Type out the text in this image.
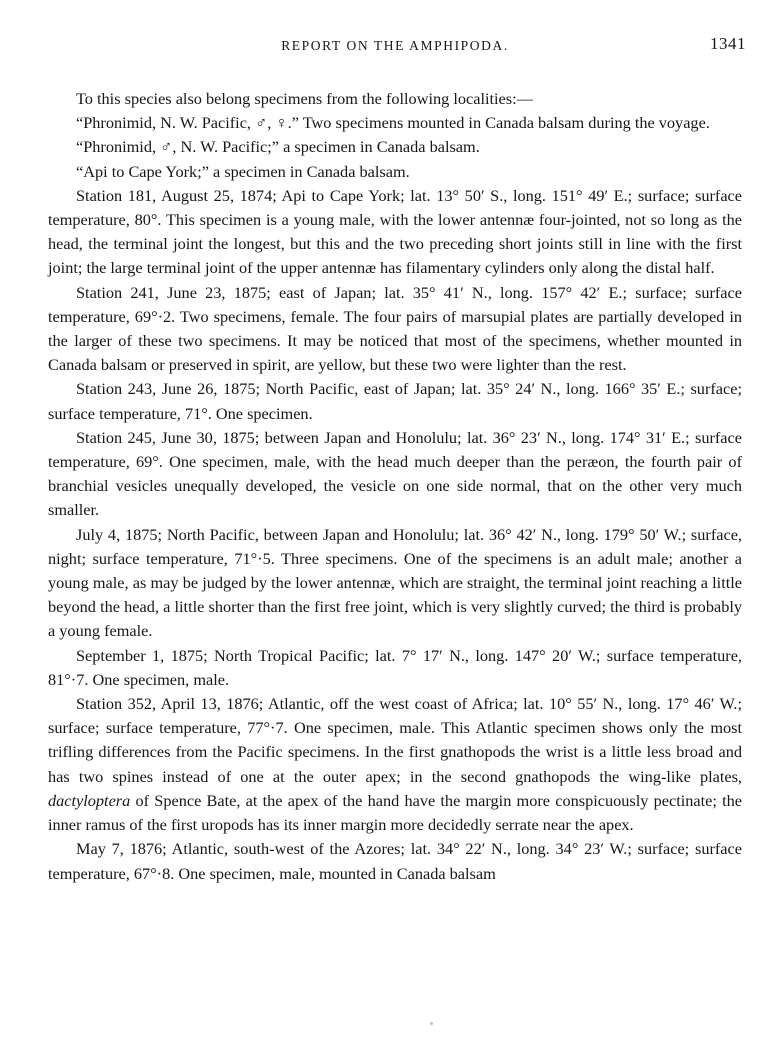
REPORT ON THE AMPHIPODA.	1341

To this species also belong specimens from the following localities:—

“Phronimid, N. W. Pacific, ♂, ♀.” Two specimens mounted in Canada balsam during the voyage.

“Phronimid, ♂, N. W. Pacific;” a specimen in Canada balsam.

“Api to Cape York;” a specimen in Canada balsam.

Station 181, August 25, 1874; Api to Cape York; lat. 13° 50′ S., long. 151° 49′ E.; surface; surface temperature, 80°. This specimen is a young male, with the lower antennæ four-jointed, not so long as the head, the terminal joint the longest, but this and the two preceding short joints still in line with the first joint; the large terminal joint of the upper antennæ has filamentary cylinders only along the distal half.

Station 241, June 23, 1875; east of Japan; lat. 35° 41′ N., long. 157° 42′ E.; surface; surface temperature, 69°·2. Two specimens, female. The four pairs of marsupial plates are partially developed in the larger of these two specimens. It may be noticed that most of the specimens, whether mounted in Canada balsam or preserved in spirit, are yellow, but these two were lighter than the rest.

Station 243, June 26, 1875; North Pacific, east of Japan; lat. 35° 24′ N., long. 166° 35′ E.; surface; surface temperature, 71°. One specimen.

Station 245, June 30, 1875; between Japan and Honolulu; lat. 36° 23′ N., long. 174° 31′ E.; surface temperature, 69°. One specimen, male, with the head much deeper than the peræon, the fourth pair of branchial vesicles unequally developed, the vesicle on one side normal, that on the other very much smaller.

July 4, 1875; North Pacific, between Japan and Honolulu; lat. 36° 42′ N., long. 179° 50′ W.; surface, night; surface temperature, 71°·5. Three specimens. One of the specimens is an adult male; another a young male, as may be judged by the lower antennæ, which are straight, the terminal joint reaching a little beyond the head, a little shorter than the first free joint, which is very slightly curved; the third is probably a young female.

September 1, 1875; North Tropical Pacific; lat. 7° 17′ N., long. 147° 20′ W.; surface temperature, 81°·7. One specimen, male.

Station 352, April 13, 1876; Atlantic, off the west coast of Africa; lat. 10° 55′ N., long. 17° 46′ W.; surface; surface temperature, 77°·7. One specimen, male. This Atlantic specimen shows only the most trifling differences from the Pacific specimens. In the first gnathopods the wrist is a little less broad and has two spines instead of one at the outer apex; in the second gnathopods the wing-like plates, dactyloptera of Spence Bate, at the apex of the hand have the margin more conspicuously pectinate; the inner ramus of the first uropods has its inner margin more decidedly serrate near the apex.

May 7, 1876; Atlantic, south-west of the Azores; lat. 34° 22′ N., long. 34° 23′ W.; surface; surface temperature, 67°·8. One specimen, male, mounted in Canada balsam
